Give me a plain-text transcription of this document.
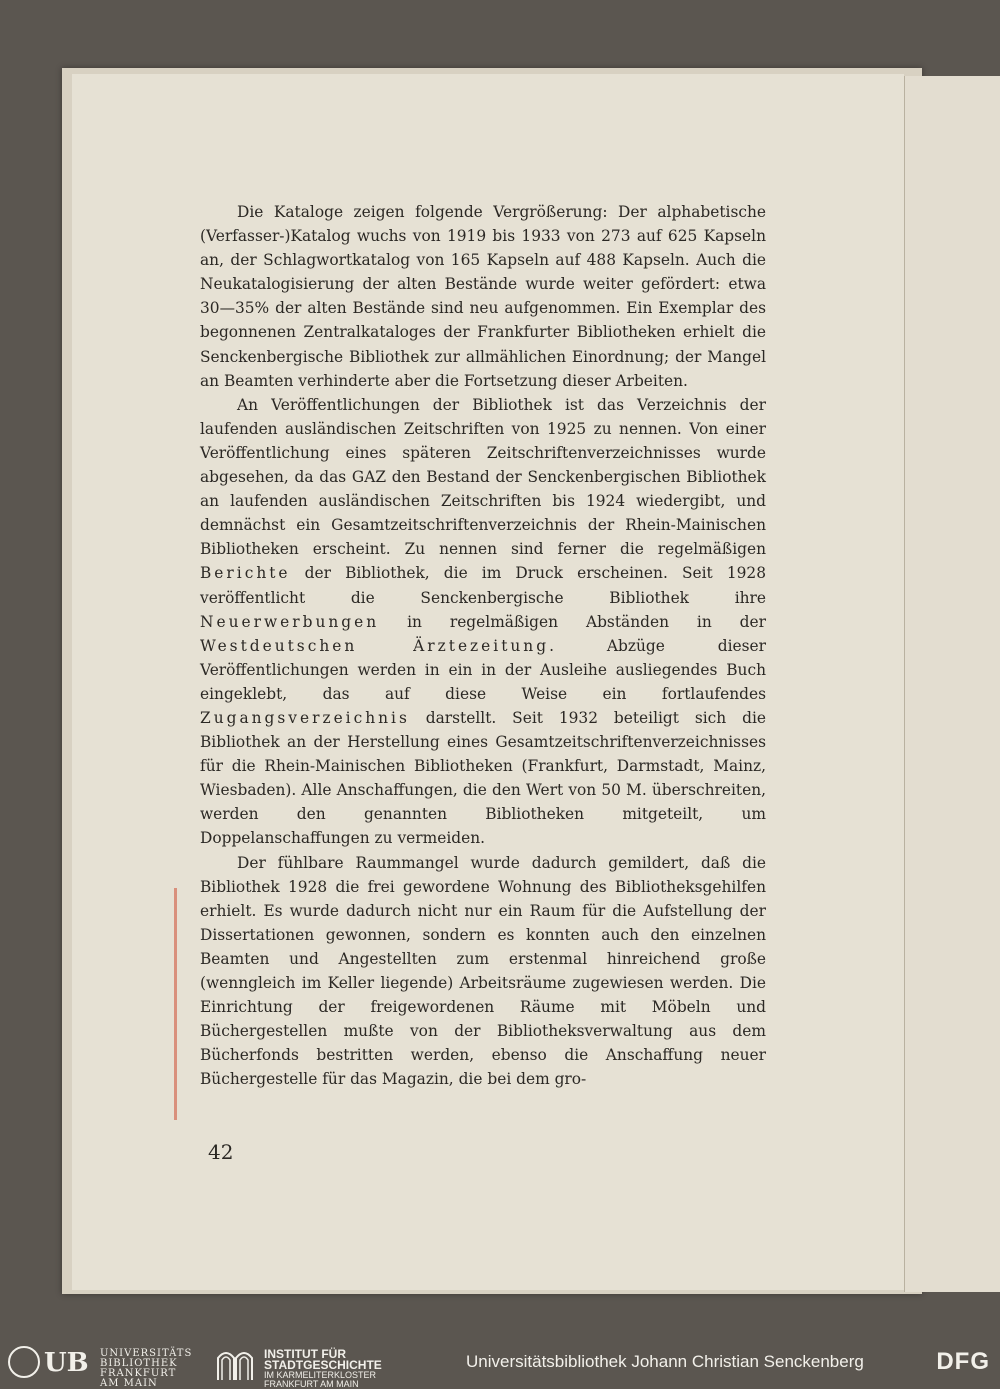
Die Kataloge zeigen folgende Vergrößerung: Der alphabetische (Verfasser-)Katalog wuchs von 1919 bis 1933 von 273 auf 625 Kapseln an, der Schlagwortkatalog von 165 Kapseln auf 488 Kapseln. Auch die Neukatalogisierung der alten Bestände wurde weiter gefördert: etwa 30—35% der alten Bestände sind neu aufgenommen. Ein Exemplar des begonnenen Zentralkataloges der Frankfurter Bibliotheken erhielt die Senckenbergische Bibliothek zur allmählichen Einordnung; der Mangel an Beamten verhinderte aber die Fortsetzung dieser Arbeiten.

An Veröffentlichungen der Bibliothek ist das Verzeichnis der laufenden ausländischen Zeitschriften von 1925 zu nennen. Von einer Veröffentlichung eines späteren Zeitschriftenverzeichnisses wurde abgesehen, da das GAZ den Bestand der Senckenbergischen Bibliothek an laufenden ausländischen Zeitschriften bis 1924 wiedergibt, und demnächst ein Gesamtzeitschriftenverzeichnis der Rhein-Mainischen Bibliotheken erscheint. Zu nennen sind ferner die regelmäßigen Berichte der Bibliothek, die im Druck erscheinen. Seit 1928 veröffentlicht die Senckenbergische Bibliothek ihre Neuerwerbungen in regelmäßigen Abständen in der Westdeutschen Ärztezeitung. Abzüge dieser Veröffentlichungen werden in ein in der Ausleihe ausliegendes Buch eingeklebt, das auf diese Weise ein fortlaufendes Zugangsverzeichnis darstellt. Seit 1932 beteiligt sich die Bibliothek an der Herstellung eines Gesamtzeitschriftenverzeichnisses für die Rhein-Mainischen Bibliotheken (Frankfurt, Darmstadt, Mainz, Wiesbaden). Alle Anschaffungen, die den Wert von 50 M. überschreiten, werden den genannten Bibliotheken mitgeteilt, um Doppelanschaffungen zu vermeiden.

Der fühlbare Raummangel wurde dadurch gemildert, daß die Bibliothek 1928 die frei gewordene Wohnung des Bibliotheksgehilfen erhielt. Es wurde dadurch nicht nur ein Raum für die Aufstellung der Dissertationen gewonnen, sondern es konnten auch den einzelnen Beamten und Angestellten zum erstenmal hinreichend große (wenngleich im Keller liegende) Arbeitsräume zugewiesen werden. Die Einrichtung der freigewordenen Räume mit Möbeln und Büchergestellen mußte von der Bibliotheksverwaltung aus dem Bücherfonds bestritten werden, ebenso die Anschaffung neuer Büchergestelle für das Magazin, die bei dem gro-

42
UB UNIVERSITÄTS
BIBLIOTHEK
FRANKFURT AM MAIN
INSTITUT FÜR
STADTGESCHICHTE
IM KARMELITERKLOSTER
FRANKFURT AM MAIN
Universitätsbibliothek Johann Christian Senckenberg	DFG
